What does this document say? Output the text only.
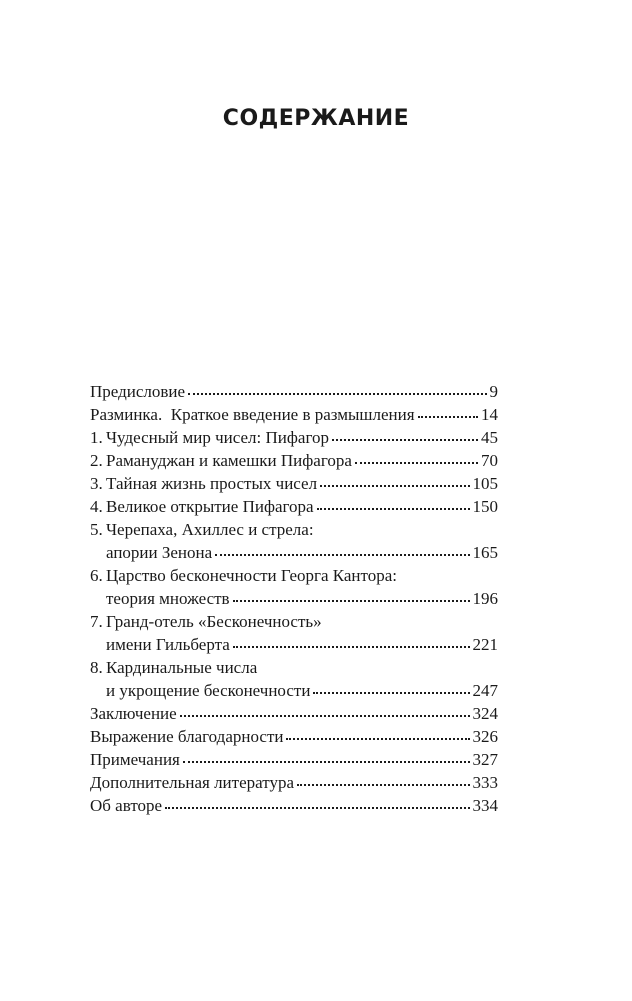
СОДЕРЖАНИЕ
Предисловие	9
Разминка.  Краткое введение в размышления	14
1. Чудесный мир чисел: Пифагор	45
2. Рамануджан и камешки Пифагора	70
3. Тайная жизнь простых чисел	105
4. Великое открытие Пифагора	150
5. Черепаха, Ахиллес и стрела:
апории Зенона	165
6. Царство бесконечности Георга Кантора:
теория множеств	196
7. Гранд-отель «Бесконечность»
имени Гильберта	221
8. Кардинальные числа
и укрощение бесконечности	247
Заключение	324
Выражение благодарности	326
Примечания	327
Дополнительная литература	333
Об авторе	334
